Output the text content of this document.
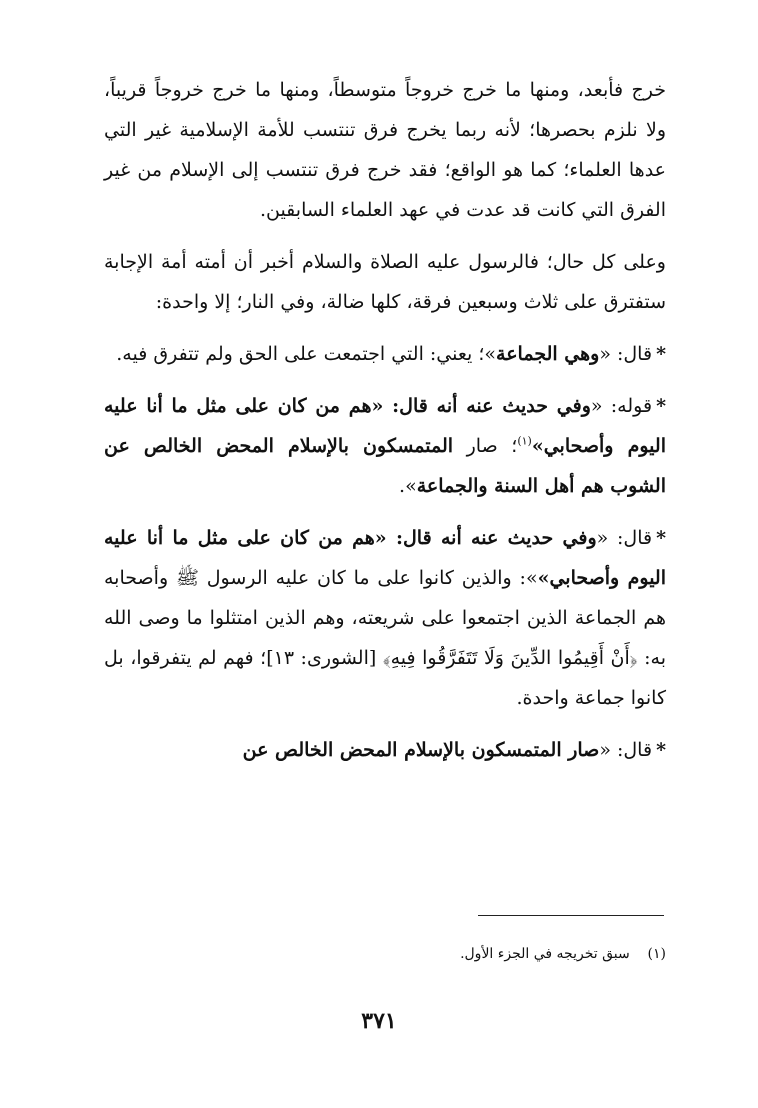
خرج فأبعد، ومنها ما خرج خروجاً متوسطاً، ومنها ما خرج خروجاً قريباً، ولا نلزم بحصرها؛ لأنه ربما يخرج فرق تنتسب للأمة الإسلامية غير التي عدها العلماء؛ كما هو الواقع؛ فقد خرج فرق تنتسب إلى الإسلام من غير الفرق التي كانت قد عدت في عهد العلماء السابقين.

وعلى كل حال؛ فالرسول عليه الصلاة والسلام أخبر أن أمته أمة الإجابة ستفترق على ثلاث وسبعين فرقة، كلها ضالة، وفي النار؛ إلا واحدة:

*قال: «وهي الجماعة»؛ يعني: التي اجتمعت على الحق ولم تتفرق فيه.

*قوله: «وفي حديث عنه أنه قال: «هم من كان على مثل ما أنا عليه اليوم وأصحابي»$^{(١)}$؛ صار المتمسكون بالإسلام المحض الخالص عن الشوب هم أهل السنة والجماعة».

*قال: «وفي حديث عنه أنه قال: «هم من كان على مثل ما أنا عليه اليوم وأصحابي»»: والذين كانوا على ما كان عليه الرسول ﷺ وأصحابه هم الجماعة الذين اجتمعوا على شريعته، وهم الذين امتثلوا ما وصى الله به: ﴿أَنْ أَقِيمُوا الدِّينَ وَلَا تَتَفَرَّقُوا فِيهِ﴾ [الشورى: ١٣]؛ فهم لم يتفرقوا، بل كانوا جماعة واحدة.

*قال: «صار المتمسكون بالإسلام المحض الخالص عن

(١)    سبق تخريجه في الجزء الأول.
٣٧١
